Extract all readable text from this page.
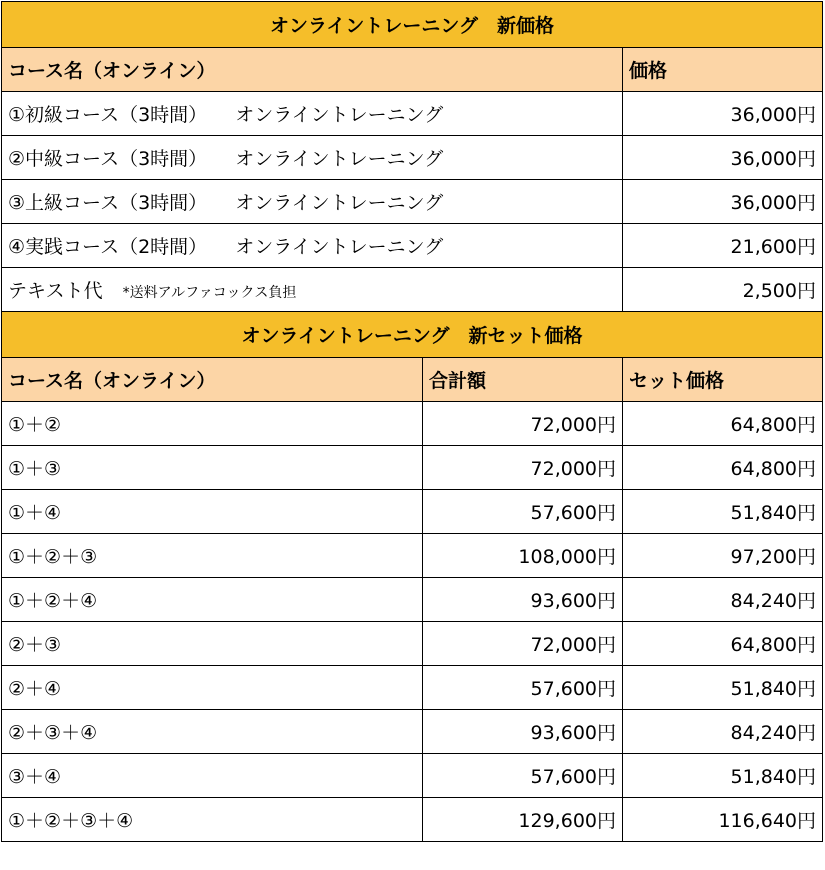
オンライントレーニング　新価格	
コース名（オンライン）	価格
①初級コース（3時間） オンライントレーニング	36,000円
②中級コース（3時間） オンライントレーニング	36,000円
③上級コース（3時間） オンライントレーニング	36,000円
④実践コース（2時間） オンライントレーニング	21,600円
テキスト代 *送料アルファコックス負担	2,500円
オンライントレーニング　新セット価格		
コース名（オンライン）	合計額	セット価格
①＋②	72,000円	64,800円
①＋③	72,000円	64,800円
①＋④	57,600円	51,840円
①＋②＋③	108,000円	97,200円
①＋②＋④	93,600円	84,240円
②＋③	72,000円	64,800円
②＋④	57,600円	51,840円
②＋③＋④	93,600円	84,240円
③＋④	57,600円	51,840円
①＋②＋③＋④	129,600円	116,640円
